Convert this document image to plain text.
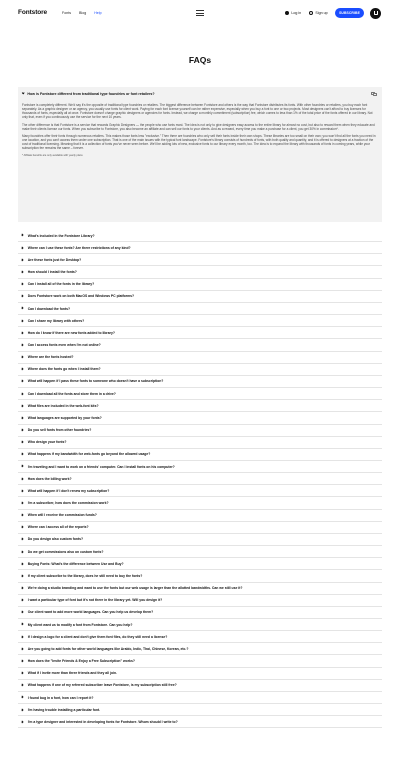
Fontstore	Fonts Blog Help	Log in	Sign up	SUBSCRIBE
FAQs
How is Fontstore different from traditional type foundries or font retailers?

Fontstore is completely different. We'd say it's the opposite of traditional type foundries or retailers. The biggest difference between Fontstore and others is the way that Fontstore distributes its fonts. With other foundries or retailers, you buy each font separately. As a graphic designer or an agency, you usually use fonts for client work. Paying for each font license yourself can be rather expensive, especially when you buy a font to one or two projects. Most designers can't afford to buy licenses for thousands of fonts, especially all at once. Fontstore doesn't charge graphic designers or agencies for fonts. Instead, we charge a monthly commitment (subscription) fee, which comes to less than 1% of the total price of the fonts offered in our library. Not only that, even if you continuously use the service for the next 10 years.

The other difference is that Fontstore is a service that rewards Graphic Designers — the people who use fonts most. The idea is not only to give designers easy access to the entire library for almost no cost, but also to reward them when they educate and make their clients license our fonts. When you subscribe to Fontstore, you also become an affiliate and can sell our fonts to your clients. And as a reward, every time you make a purchase for a client, you get 30% in commission*.

Many foundries offer their fonts through numerous retailers. This makes those fonts less "exclusive." Then there are foundries who only sell their fonts inside their own shops. These libraries are too small on their own; you won't find all the fonts you need in one location, and you can't access them under one subscription. That is one of the main issues with the typical font landscape. Fontstore's library consists of hundreds of fonts, with both quality and quantity, and it is offered to designers at a fraction of the cost of traditional licensing. Meaning that it is a collection of fonts you've never seen before. We'll be adding lots of new, exclusive fonts to our library every month, too. The idea is to expand the library with thousands of fonts in coming years, while your subscription fee remains the same – forever.

* Affiliate benefits are only available with yearly plans

What's included in the Fontstore Library?
Where can I use these fonts? Are there restrictions of any kind?
Are these fonts just for Desktop?
How should I install the fonts?
Can I install all of the fonts in the library?
Does Fontstore work on both MacOS and Windows PC platforms?
Can I download the fonts?
Can I share my library with others?
How do I know if there are new fonts added to library?
Can I access fonts even when I'm not online?
Where are the fonts hosted?
Where does the fonts go when I install them?
What will happen if I pass these fonts to someone who doesn't have a subscription?
Can I download all the fonts and store them in a drive?
What files are included in the web-font kits?
What languages are supported by your fonts?
Do you sell fonts from other foundries?
Who design your fonts?
What happens if my bandwidth for web-fonts go beyond the allowed usage?
I'm traveling and I want to work on a friends' computer. Can I install fonts on his computer?
How does the billing work?
What will happen if I don't renew my subscription?
I'm a subscriber, how does the commission work?
When will I receive the commission funds?
Where can I access all of the reports?
Do you design also custom fonts?
Do we get commissions also on custom fonts?
Buying Fonts: What's the difference between Use and Buy?
If my client subscribe to the library, does he still need to buy the fonts?
We're doing a studio branding and want to use the fonts but our web usage is larger than the allotted bandwidths. Can we still use it?
I want a particular type of font but it's not there in the library yet. Will you design it?
Our client want to add more world languages. Can you help us develop them?
My client want us to modify a font from Fontstore. Can you help?
If I design a logo for a client and don't give them font files, do they still need a license?
Are you going to add fonts for other world languages like Arabic, Indic, Thai, Chinese, Korean, etc.?
How does the "Invite Friends & Enjoy a Free Subscription" works?
What if I invite more than three friends and they all join.
What happens if one of my referred subscriber leave Fontstore, is my subscription still free?
I found bug in a font, how can I report it?
I'm having trouble installing a particular font.
I'm a type designer and interested in developing fonts for Fontstore. Whom should I write to?
